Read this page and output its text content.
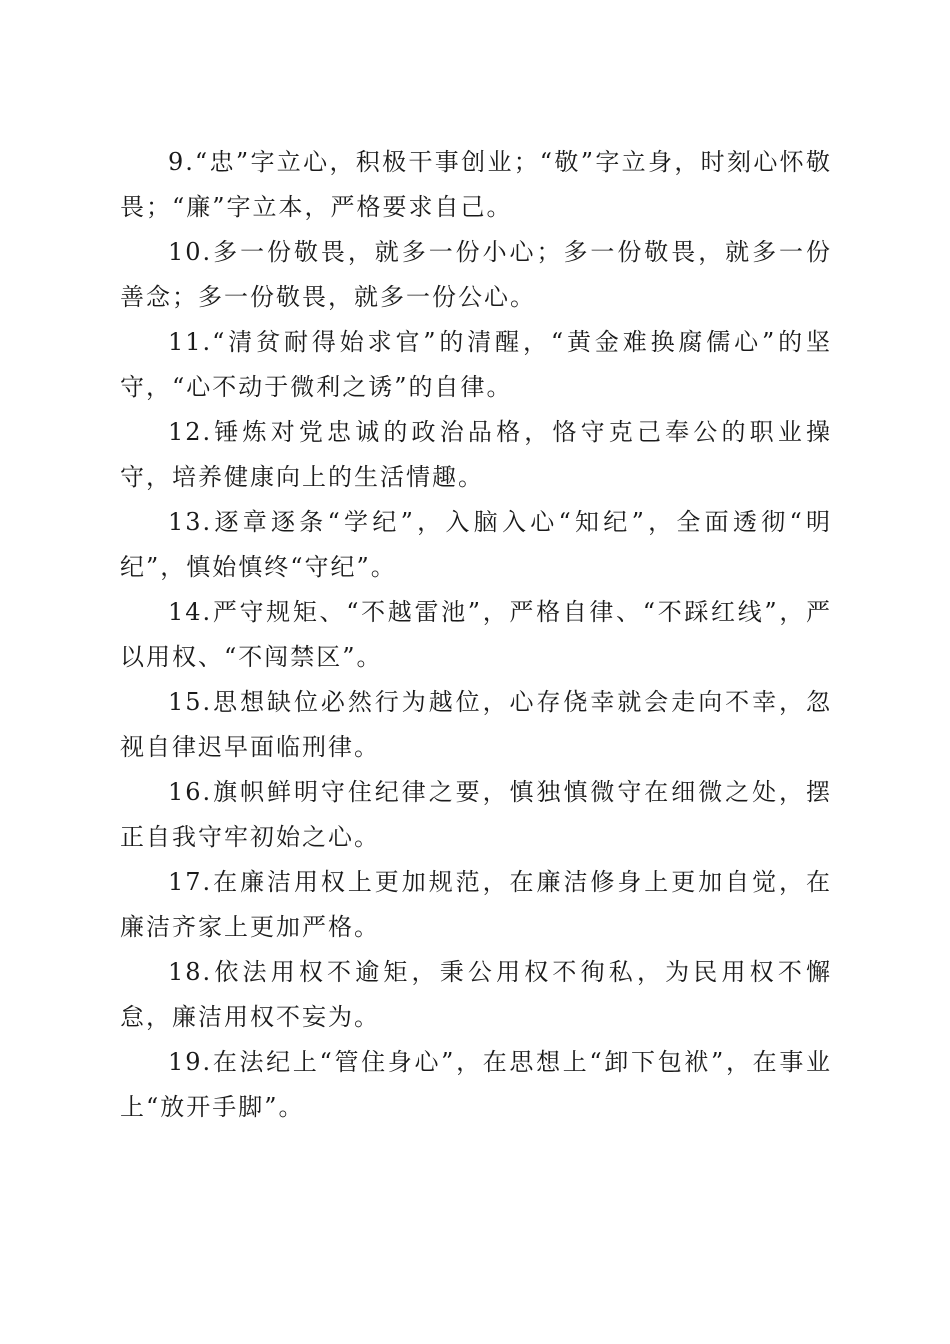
9.“忠”字立心，积极干事创业；“敬”字立身，时刻心怀敬畏；“廉”字立本，严格要求自己。

10.多一份敬畏，就多一份小心；多一份敬畏，就多一份善念；多一份敬畏，就多一份公心。

11.“清贫耐得始求官”的清醒，“黄金难换腐儒心”的坚守，“心不动于微利之诱”的自律。

12.锤炼对党忠诚的政治品格，恪守克己奉公的职业操守，培养健康向上的生活情趣。

13.逐章逐条“学纪”，入脑入心“知纪”，全面透彻“明纪”，慎始慎终“守纪”。

14.严守规矩、“不越雷池”，严格自律、“不踩红线”，严以用权、“不闯禁区”。

15.思想缺位必然行为越位，心存侥幸就会走向不幸，忽视自律迟早面临刑律。

16.旗帜鲜明守住纪律之要，慎独慎微守在细微之处，摆正自我守牢初始之心。

17.在廉洁用权上更加规范，在廉洁修身上更加自觉，在廉洁齐家上更加严格。

18.依法用权不逾矩，秉公用权不徇私，为民用权不懈怠，廉洁用权不妄为。

19.在法纪上“管住身心”，在思想上“卸下包袱”，在事业上“放开手脚”。
